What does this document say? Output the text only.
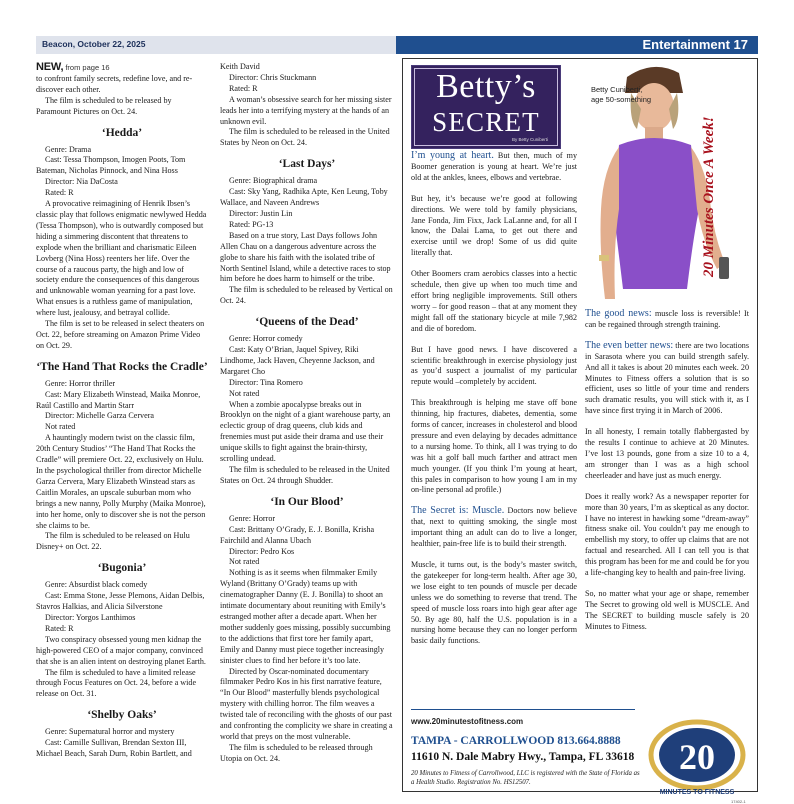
Beacon, October 22, 2025	Entertainment 17

NEW, from page 16

to confront family secrets, redefine love, and re-discover each other.

The film is scheduled to be released by Paramount Pictures on Oct. 24.

‘Hedda’

Genre: Drama

Cast: Tessa Thompson, Imogen Poots, Tom Bateman, Nicholas Pinnock, and Nina Hoss

Director: Nia DaCosta

Rated: R

A provocative reimagining of Henrik Ibsen’s classic play that follows enigmatic newlywed Hedda (Tessa Thompson), who is outwardly composed but hiding a simmering discontent that threatens to explode when the brilliant and charismatic Eileen Lovberg (Nina Hoss) reenters her life. Over the course of a raucous party, the high and low of society endure the consequences of this dangerous and unknowable woman yearning for a past love. What ensues is a ruthless game of manipulation, where lust, jealousy, and betrayal collide.

The film is set to be released in select theaters on Oct. 22, before streaming on Amazon Prime Video on Oct. 29.

‘The Hand That Rocks the Cradle’

Genre: Horror thriller

Cast: Mary Elizabeth Winstead, Maika Monroe, Raúl Castillo and Martin Starr

Director: Michelle Garza Cervera

Not rated

A hauntingly modern twist on the classic film, 20th Century Studios’ “The Hand That Rocks the Cradle” will premiere Oct. 22, exclusively on Hulu. In the psychological thriller from director Michelle Garza Cervera, Mary Elizabeth Winstead stars as Caitlin Morales, an upscale suburban mom who brings a new nanny, Polly Murphy (Maika Monroe), into her home, only to discover she is not the person she claims to be.

The film is scheduled to be released on Hulu Disney+ on Oct. 22.

‘Bugonia’

Genre: Absurdist black comedy

Cast: Emma Stone, Jesse Plemons, Aidan Delbis, Stavros Halkias, and Alicia Silverstone

Director: Yorgos Lanthimos

Rated: R

Two conspiracy obsessed young men kidnap the high-powered CEO of a major company, convinced that she is an alien intent on destroying planet Earth.

The film is scheduled to have a limited release through Focus Features on Oct. 24, before a wide release on Oct. 31.

‘Shelby Oaks’

Genre: Supernatural horror and mystery

Cast: Camille Sullivan, Brendan Sexton III, Michael Beach, Sarah Durn, Robin Bartlett, and

Keith David

Director: Chris Stuckmann

Rated: R

A woman’s obsessive search for her missing sister leads her into a terrifying mystery at the hands of an unknown evil.

The film is scheduled to be released in the United States by Neon on Oct. 24.

‘Last Days’

Genre: Biographical drama

Cast: Sky Yang, Radhika Apte, Ken Leung, Toby Wallace, and Naveen Andrews

Director: Justin Lin

Rated: PG-13

Based on a true story, Last Days follows John Allen Chau on a dangerous adventure across the globe to share his faith with the isolated tribe of North Sentinel Island, while a detective races to stop him before he does harm to himself or the tribe.

The film is scheduled to be released by Vertical on Oct. 24.

‘Queens of the Dead’

Genre: Horror comedy

Cast: Katy O’Brian, Jaquel Spivey, Riki Lindhome, Jack Haven, Cheyenne Jackson, and Margaret Cho

Director: Tina Romero

Not rated

When a zombie apocalypse breaks out in Brooklyn on the night of a giant warehouse party, an eclectic group of drag queens, club kids and frenemies must put aside their drama and use their unique skills to fight against the brain-thirsty, scrolling undead.

The film is scheduled to be released in the United States on Oct. 24 through Shudder.

‘In Our Blood’

Genre: Horror

Cast: Brittany O’Grady, E. J. Bonilla, Krisha Fairchild and Alanna Ubach

Director: Pedro Kos

Not rated

Nothing is as it seems when filmmaker Emily Wyland (Brittany O’Grady) teams up with cinematographer Danny (E. J. Bonilla) to shoot an intimate documentary about reuniting with Emily’s estranged mother after a decade apart. When her mother suddenly goes missing, possibly succumbing to the addictions that first tore her family apart, Emily and Danny must piece together increasingly sinister clues to find her before it’s too late.

Directed by Oscar-nominated documentary filmmaker Pedro Kos in his first narrative feature, “In Our Blood” masterfully blends psychological mystery with chilling horror. The film weaves a twisted tale of reconciling with the ghosts of our past and confronting the complicity we share in creating a world that preys on the most vulnerable.

The film is scheduled to be released through Utopia on Oct. 24.

Betty’s
SECRET
By Betty Cuniberti
Betty Cuniberti,
age 50-something
20 Minutes Once A Week!

I’m young at heart. But then, much of my Boomer generation is young at heart. We’re just old at the ankles, knees, elbows and vertebrae.

But hey, it’s because we’re good at following directions. We were told by family physicians, Jane Fonda, Jim Fixx, Jack LaLanne and, for all I know, the Dalai Lama, to get out there and exercise until we drop! Some of us did quite literally that.

Other Boomers cram aerobics classes into a hectic schedule, then give up when too much time and effort bring negligible improvements. Still others worry – for good reason – that at any moment they might fall off the stationary bicycle at mile 7,982 and die of boredom.

But I have good news. I have discovered a scientific breakthrough in exercise physiology just as you’d suspect a journalist of my particular repute would –completely by accident.

This breakthrough is helping me stave off bone thinning, hip fractures, diabetes, dementia, some forms of cancer, increases in cholesterol and blood pressure and even delaying by decades admittance to a nursing home. To think, all I was trying to do was hit a golf ball much farther and attract men much younger. (If you think I’m young at heart, this pales in comparison to how young I am in my on-line personal ad profile.)

The Secret is: Muscle. Doctors now believe that, next to quitting smoking, the single most important thing an adult can do to live a longer, healthier, pain-free life is to build their strength.

Muscle, it turns out, is the body’s master switch, the gatekeeper for long-term health. After age 30, we lose eight to ten pounds of muscle per decade unless we do something to reverse that trend. The speed of muscle loss roars into high gear after age 50. By age 80, half the U.S. population is in a nursing home because they can no longer perform basic daily functions.

The good news: muscle loss is reversible! It can be regained through strength training.

The even better news: there are two locations in Sarasota where you can build strength safely. And all it takes is about 20 minutes each week. 20 Minutes to Fitness offers a solution that is so efficient, uses so little of your time and renders such dramatic results, you will stick with it, as I have since first trying it in March of 2006.

In all honesty, I remain totally flabbergasted by the results I continue to achieve at 20 Minutes. I’ve lost 13 pounds, gone from a size 10 to a 4, am stronger than I was as a high school cheerleader and have just as much energy.

Does it really work? As a newspaper reporter for more than 30 years, I’m as skeptical as any doctor. I have no interest in hawking some “dream-away” fitness snake oil. You couldn’t pay me enough to embellish my story, to offer up claims that are not factual and researched. All I can tell you is that this program has been for me and could be for you a life-changing key to health and pain-free living.

So, no matter what your age or shape, remember The Secret to growing old well is MUSCLE. And The SECRET to building muscle safely is 20 Minutes to Fitness.

www.20minutestofitness.com
TAMPA - CARROLLWOOD 813.664.8888
11610 N. Dale Mabry Hwy., Tampa, FL 33618
20 Minutes to Fitness of Carrollwood, LLC is registered with the State of Florida as a Health Studio. Registration No. HS12507.
20
MINUTES TO FITNESS
17402-1
